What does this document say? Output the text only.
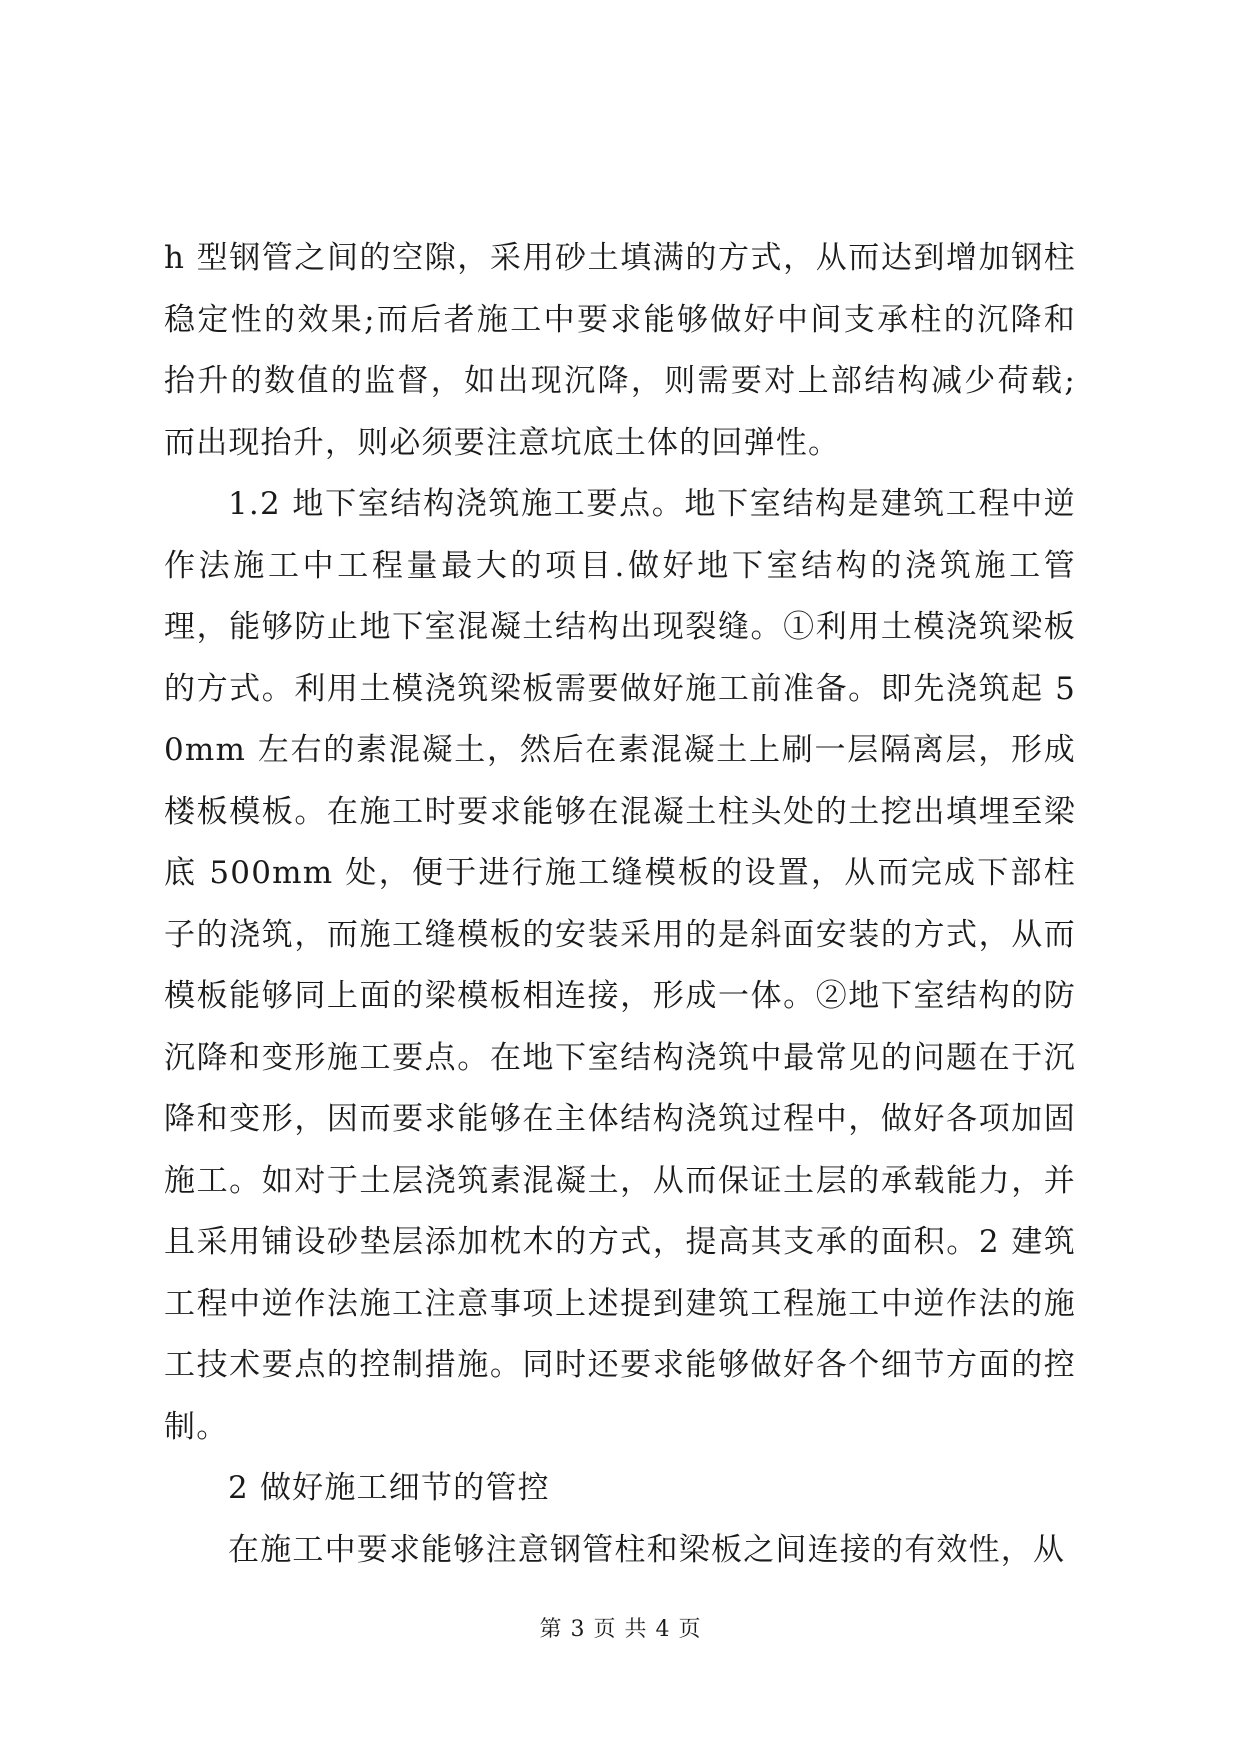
h 型钢管之间的空隙，采用砂土填满的方式，从而达到增加钢柱稳定性的效果;而后者施工中要求能够做好中间支承柱的沉降和抬升的数值的监督，如出现沉降，则需要对上部结构减少荷载;而出现抬升，则必须要注意坑底土体的回弹性。

1.2 地下室结构浇筑施工要点。地下室结构是建筑工程中逆作法施工中工程量最大的项目.做好地下室结构的浇筑施工管理，能够防止地下室混凝土结构出现裂缝。①利用土模浇筑梁板的方式。利用土模浇筑梁板需要做好施工前准备。即先浇筑起 50mm 左右的素混凝土，然后在素混凝土上刷一层隔离层，形成楼板模板。在施工时要求能够在混凝土柱头处的土挖出填埋至梁底 500mm 处，便于进行施工缝模板的设置，从而完成下部柱子的浇筑，而施工缝模板的安装采用的是斜面安装的方式，从而模板能够同上面的梁模板相连接，形成一体。②地下室结构的防沉降和变形施工要点。在地下室结构浇筑中最常见的问题在于沉降和变形，因而要求能够在主体结构浇筑过程中，做好各项加固施工。如对于土层浇筑素混凝土，从而保证土层的承载能力，并且采用铺设砂垫层添加枕木的方式，提高其支承的面积。2 建筑工程中逆作法施工注意事项上述提到建筑工程施工中逆作法的施工技术要点的控制措施。同时还要求能够做好各个细节方面的控制。

2 做好施工细节的管控

在施工中要求能够注意钢管柱和梁板之间连接的有效性，从

第 3 页 共 4 页
